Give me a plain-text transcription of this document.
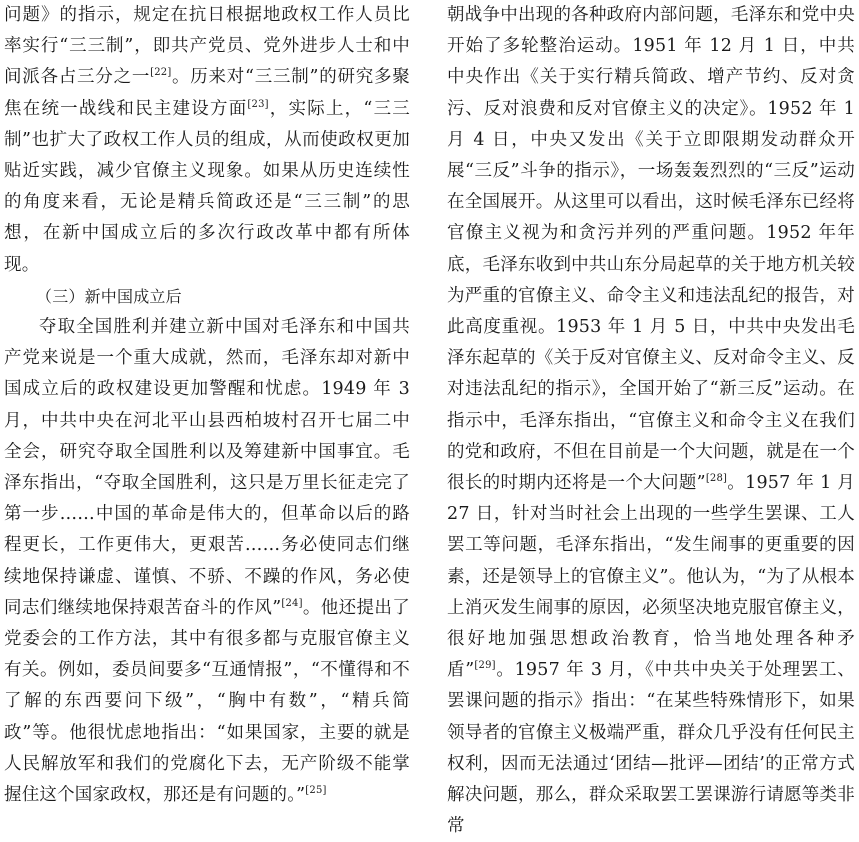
问题》的指示，规定在抗日根据地政权工作人员比率实行“三三制”，即共产党员、党外进步人士和中间派各占三分之一[22]。历来对“三三制”的研究多聚焦在统一战线和民主建设方面[23]，实际上，“三三制”也扩大了政权工作人员的组成，从而使政权更加贴近实践，减少官僚主义现象。如果从历史连续性的角度来看，无论是精兵简政还是“三三制”的思想，在新中国成立后的多次行政改革中都有所体现。

（三）新中国成立后

夺取全国胜利并建立新中国对毛泽东和中国共产党来说是一个重大成就，然而，毛泽东却对新中国成立后的政权建设更加警醒和忧虑。1949 年 3 月，中共中央在河北平山县西柏坡村召开七届二中全会，研究夺取全国胜利以及筹建新中国事宜。毛泽东指出，“夺取全国胜利，这只是万里长征走完了第一步……中国的革命是伟大的，但革命以后的路程更长，工作更伟大，更艰苦……务必使同志们继续地保持谦虚、谨慎、不骄、不躁的作风，务必使同志们继续地保持艰苦奋斗的作风”[24]。他还提出了党委会的工作方法，其中有很多都与克服官僚主义有关。例如，委员间要多“互通情报”，“不懂得和不了解的东西要问下级”，“胸中有数”，“精兵简政”等。他很忧虑地指出：“如果国家，主要的就是人民解放军和我们的党腐化下去，无产阶级不能掌握住这个国家政权，那还是有问题的。”[25]

朝战争中出现的各种政府内部问题，毛泽东和党中央开始了多轮整治运动。1951 年 12 月 1 日，中共中央作出《关于实行精兵简政、增产节约、反对贪污、反对浪费和反对官僚主义的决定》。1952 年 1 月 4 日，中央又发出《关于立即限期发动群众开展“三反”斗争的指示》，一场轰轰烈烈的“三反”运动在全国展开。从这里可以看出，这时候毛泽东已经将官僚主义视为和贪污并列的严重问题。1952 年年底，毛泽东收到中共山东分局起草的关于地方机关较为严重的官僚主义、命令主义和违法乱纪的报告，对此高度重视。1953 年 1 月 5 日，中共中央发出毛泽东起草的《关于反对官僚主义、反对命令主义、反对违法乱纪的指示》，全国开始了“新三反”运动。在指示中，毛泽东指出，“官僚主义和命令主义在我们的党和政府，不但在目前是一个大问题，就是在一个很长的时期内还将是一个大问题”[28]。1957 年 1 月 27 日，针对当时社会上出现的一些学生罢课、工人罢工等问题，毛泽东指出，“发生闹事的更重要的因素，还是领导上的官僚主义”。他认为，“为了从根本上消灭发生闹事的原因，必须坚决地克服官僚主义，很好地加强思想政治教育，恰当地处理各种矛盾”[29]。1957 年 3 月，《中共中央关于处理罢工、罢课问题的指示》指出：“在某些特殊情形下，如果领导者的官僚主义极端严重，群众几乎没有任何民主权利，因而无法通过‘团结—批评—团结’的正常方式解决问题，那么，群众采取罢工罢课游行请愿等类非常
